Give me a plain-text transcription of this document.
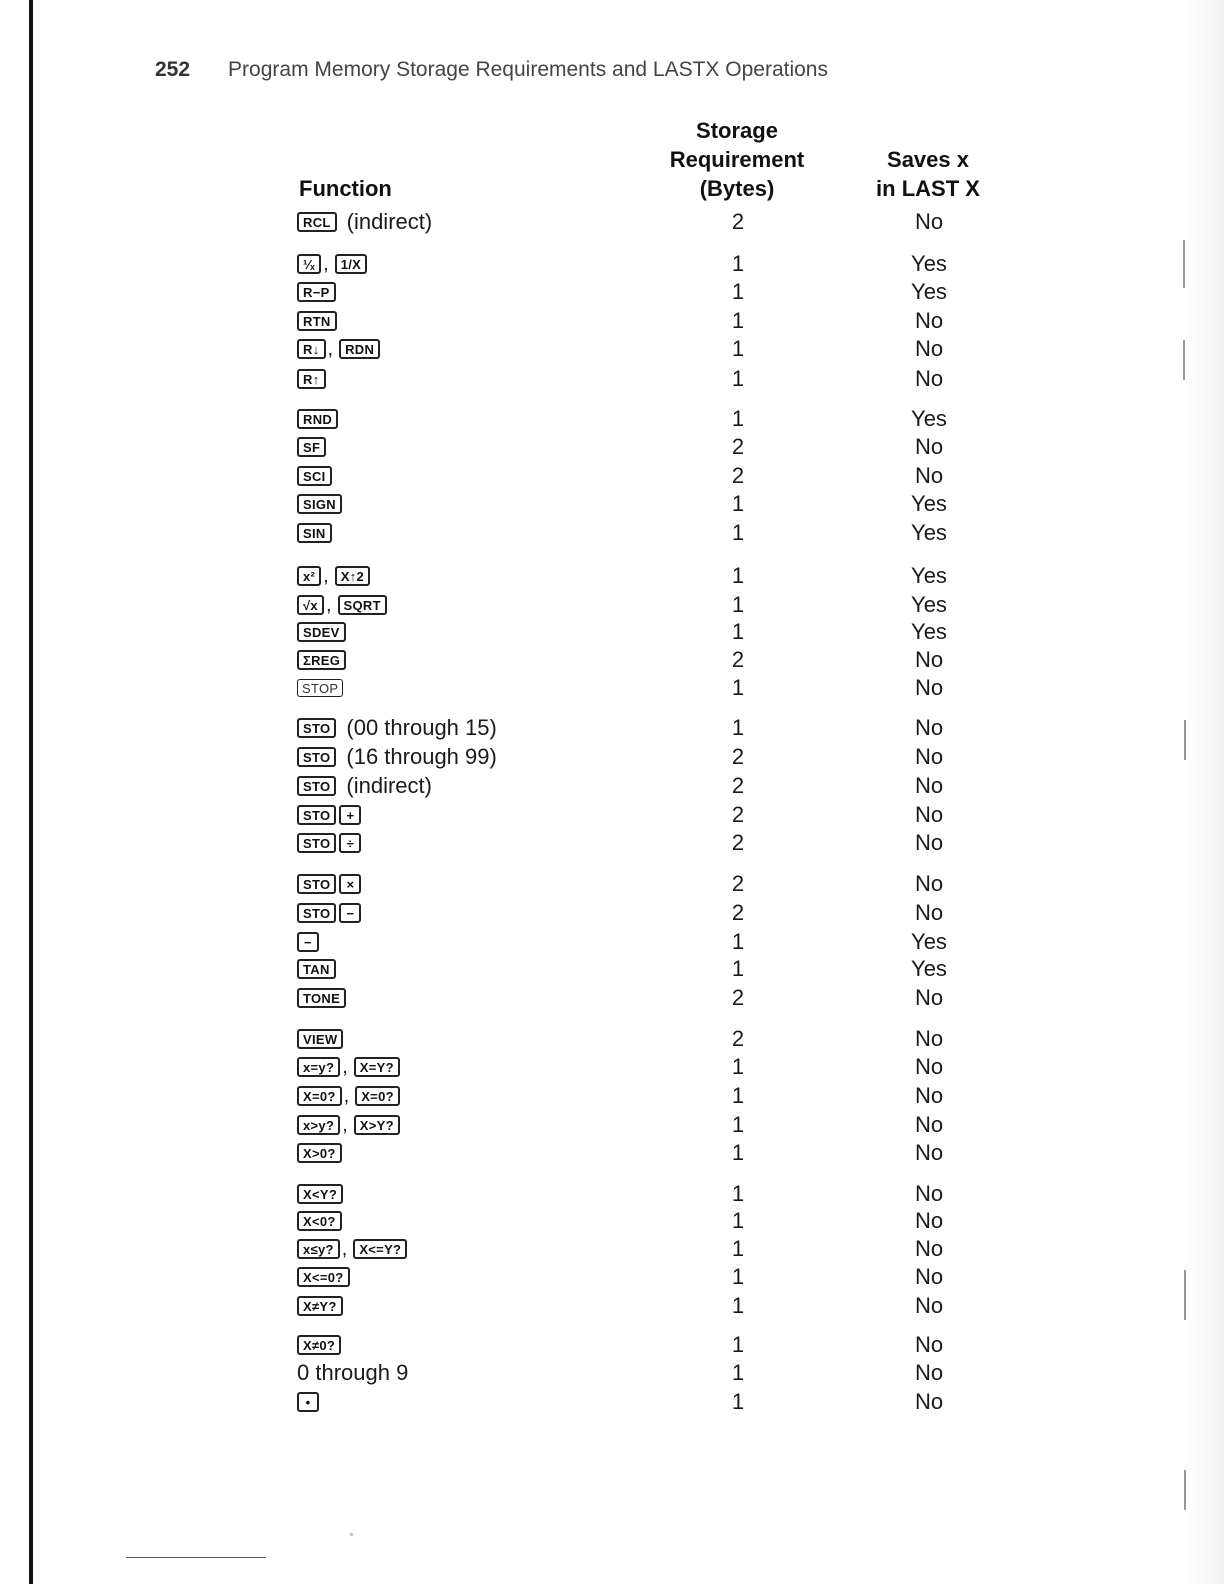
252 Program Memory Storage Requirements and LASTX Operations
Function
Storage
Requirement
(Bytes)
Saves x
in LAST X
RCL (indirect)	2	No
¹⁄ₓ , 1/X	1	Yes
R−P	1	Yes
RTN	1	No
R↓ , RDN	1	No
R↑	1	No
RND	1	Yes
SF	2	No
SCI	2	No
SIGN	1	Yes
SIN	1	Yes
x² , X↑2	1	Yes
√x , SQRT	1	Yes
SDEV	1	Yes
ΣREG	2	No
STOP	1	No
STO (00 through 15)	1	No
STO (16 through 99)	2	No
STO (indirect)	2	No
STO	+	2	No
STO	÷	2	No
STO	×	2	No
STO	−	2	No
−	1	Yes
TAN	1	Yes
TONE	2	No
VIEW	2	No
x=y? , X=Y?	1	No
X=0? , X=0?	1	No
x>y? , X>Y?	1	No
X>0?	1	No
X<Y?	1	No
X<0?	1	No
x≤y? , X<=Y?	1	No
X<=0?	1	No
X≠Y?	1	No
X≠0?	1	No
0 through 9	1	No
•	1	No
